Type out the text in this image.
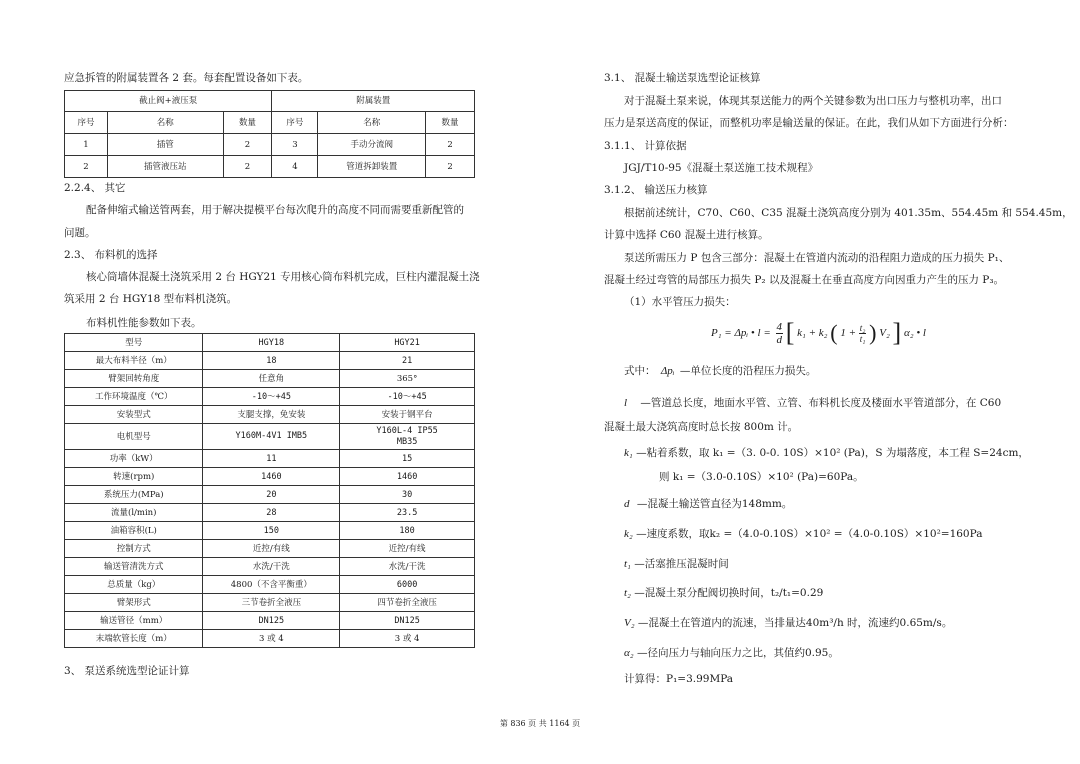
应急拆管的附属装置各 2 套。每套配置设备如下表。
截止阀+液压泵			附属装置		
序号	名称	数量	序号	名称	数量
1	插管	2	3	手动分流阀	2
2	插管液压站	2	4	管道拆卸装置	2
2.2.4、 其它
配备伸缩式输送管两套，用于解决提模平台每次爬升的高度不同而需要重新配管的
问题。
2.3、 布料机的选择
核心筒墙体混凝土浇筑采用 2 台 HGY21 专用核心筒布料机完成，巨柱内灌混凝土浇
筑采用 2 台 HGY18 型布料机浇筑。
布料机性能参数如下表。
型号	HGY18	HGY21
最大布料半径（m）	18	21
臂架回转角度	任意角	365°
工作环境温度（℃）	-10～+45	-10～+45
安装型式	支腿支撑，免安装	安装于钢平台
电机型号	Y160M-4V1 IMB5	Y160L-4 IP55 MB35
功率（kW）	11	15
转速(rpm)	1460	1460
系统压力(MPa)	20	30
流量(l/min)	28	23.5
油箱容积(L)	150	180
控制方式	近控/有线	近控/有线
输送管清洗方式	水洗/干洗	水洗/干洗
总质量（kg）	4800（不含平衡重）	6000
臂架形式	三节卷折全液压	四节卷折全液压
输送管径（mm）	DN125	DN125
末端软管长度（m）	3 或 4	3 或 4
3、 泵送系统选型论证计算
3.1、 混凝土输送泵选型论证核算
对于混凝土泵来说，体现其泵送能力的两个关键参数为出口压力与整机功率，出口
压力是泵送高度的保证，而整机功率是输送量的保证。在此，我们从如下方面进行分析：
3.1.1、 计算依据
JGJ/T10-95《混凝土泵送施工技术规程》
3.1.2、 输送压力核算
根据前述统计，C70、C60、C35 混凝土浇筑高度分别为 401.35m、554.45m 和 554.45m，
计算中选择 C60 混凝土进行核算。
泵送所需压力 P 包含三部分：混凝土在管道内流动的沿程阻力造成的压力损失 P₁、
混凝土经过弯管的局部压力损失 P₂ 以及混凝土在垂直高度方向因重力产生的压力 P₃。
（1）水平管压力损失：
P₁ = Δpᵢ • $l = \frac{4}{d}$ [ k₁ + k₂ ( $1 + \frac{\text{t₂}}{\text{t₁}}$ ) V₂ ] α₂ • l
式中： Δpᵢ —单位长度的沿程压力损失。
l —管道总长度，地面水平管、立管、布料机长度及楼面水平管道部分，在 C60
混凝土最大浇筑高度时总长按 800m 计。
k₁ —粘着系数，取 k₁ =（3. 0-0. 10S）×10² (Pa)，S 为塌落度，本工程 S=24cm，
则 k₁ =（3.0-0.10S）×10² (Pa)=60Pa。
d —混凝土输送管直径为148mm。
k₂ —速度系数，取k₂ =（4.0-0.10S）×10² =（4.0-0.10S）×10²=160Pa
t₁ —活塞推压混凝时间
t₂ —混凝土泵分配阀切换时间，t₂/t₁=0.29
V₂ —混凝土在管道内的流速，当排量达40m³/h 时，流速约0.65m/s。
α₂ —径向压力与轴向压力之比，其值约0.95。
计算得：P₁=3.99MPa
第 836 页 共 1164 页
